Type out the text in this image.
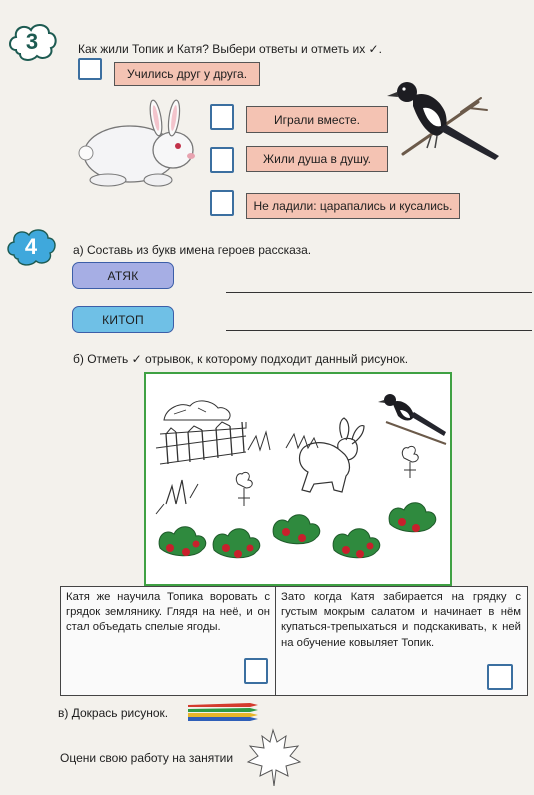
3	Как жили Топик и Катя? Выбери ответы и отметь их ✓.
Учились друг у друга.
Играли вместе.
Жили душа в душу.
Не ладили: царапались и кусались.
4	а) Составь из букв имена героев рассказа.
АТЯК
КИТОП
б) Отметь ✓ отрывок, к которому подходит данный рисунок.
Катя же научила Топика воровать с грядок землянику. Глядя на неё, и он стал объедать спелые ягоды.
Зато когда Катя забирается на грядку с густым мокрым салатом и начинает в нём купаться-трепыхаться и подскакивать, к ней на обучение ковыляет Топик.
в) Докрась рисунок.
Оцени свою работу на занятии
